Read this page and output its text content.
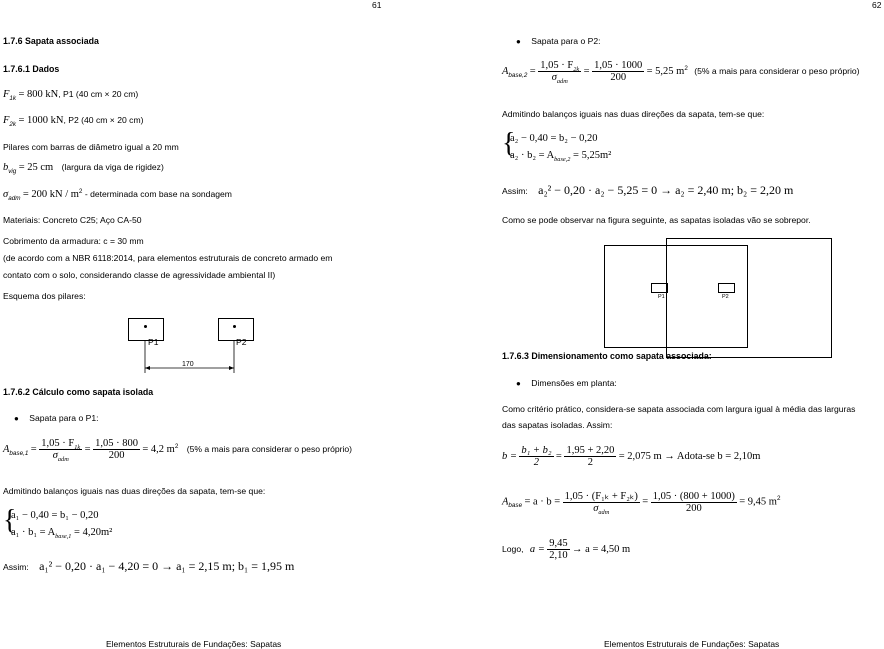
61
1.7.6 Sapata associada
1.7.6.1 Dados
$F_{1k} = 800$ kN, P1 (40 cm × 20 cm)
$F_{2k} = 1000$ kN, P2 (40 cm × 20 cm)
Pilares com barras de diâmetro igual a 20 mm
$b_{vig} = 25$ cm (largura da viga de rigidez)
$\sigma_{adm} = 200$ kN / $m^2$ - determinada com base na sondagem
Materiais: Concreto C25; Aço CA-50
Cobrimento da armadura: c = 30 mm
(de acordo com a NBR 6118:2014, para elementos estruturais de concreto armado em
contato com o solo, considerando classe de agressividade ambiental II)
Esquema dos pilares:
P1	P2
170
1.7.6.2 Cálculo como sapata isolada
● Sapata para o P1:
$A_{base,1} = \frac{1,05 \cdot F_{1k}}{\sigma_{adm}} = \frac{1,05 \cdot 800}{200} = 4,2$ $m^2$ (5% a mais para considerar o peso próprio)
Admitindo balanços iguais nas duas direções da sapata, tem-se que:
{
a₁ − 0,40 = b₁ − 0,20
$a_1 \cdot b_1 = A_{base,1} = 4,20m^2$
Assim: a₁² − 0,20 · a₁ − 4,20 = 0 → a₁ = 2,15 m; b₁ = 1,95 m
Elementos Estruturais de Fundações: Sapatas
62
● Sapata para o P2:
$A_{base,2} = \frac{1,05 \cdot F_{2k}}{\sigma_{adm}} = \frac{1,05 \cdot 1000}{200} = 5,25$ $m^2$ (5% a mais para considerar o peso próprio)
Admitindo balanços iguais nas duas direções da sapata, tem-se que:
{
a₂ − 0,40 = b₂ − 0,20
$a_2 \cdot b_2 = A_{base,2} = 5,25m^2$
Assim: a₂² − 0,20 · a₂ − 5,25 = 0 → a₂ = 2,40 m; b₂ = 2,20 m
Como se pode observar na figura seguinte, as sapatas isoladas vão se sobrepor.
P1	P2
1.7.6.3 Dimensionamento como sapata associada:
● Dimensões em planta:
Como critério prático, considera-se sapata associada com largura igual à média das larguras
das sapatas isoladas. Assim:
$b = \frac{\text{b₁ + b₂}}{2} = \frac{1,95 + 2,20}{2} = 2,075$ m → Adota-se b = 2,10m
$A_{base} = a \cdot b = \frac{\text{1,05 · (F₁ₖ + F₂ₖ)}}{\sigma_{adm}} = \frac{1,05 \cdot (800 + 1000)}{200} = 9,45$ $m^2$
Logo, $a = \frac{9,45}{2,10} \to a = 4,50$ m
Elementos Estruturais de Fundações: Sapatas
